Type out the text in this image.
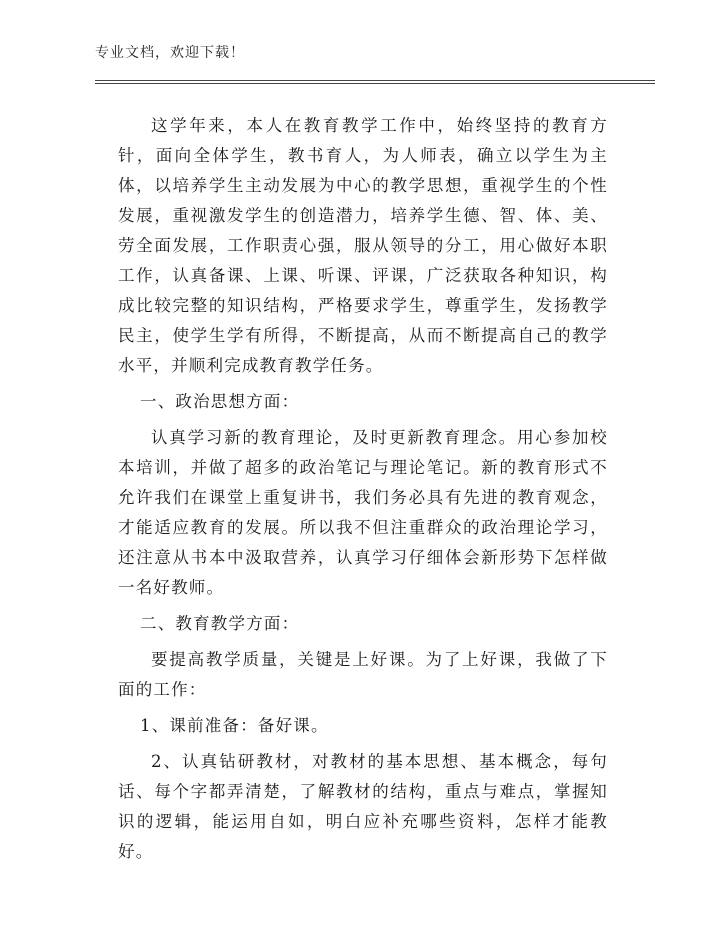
专业文档，欢迎下载！

这学年来，本人在教育教学工作中，始终坚持的教育方针，面向全体学生，教书育人，为人师表，确立以学生为主体，以培养学生主动发展为中心的教学思想，重视学生的个性发展，重视激发学生的创造潜力，培养学生德、智、体、美、劳全面发展，工作职责心强，服从领导的分工，用心做好本职工作，认真备课、上课、听课、评课，广泛获取各种知识，构成比较完整的知识结构，严格要求学生，尊重学生，发扬教学民主，使学生学有所得，不断提高，从而不断提高自己的教学水平，并顺利完成教育教学任务。

一、政治思想方面：

认真学习新的教育理论，及时更新教育理念。用心参加校本培训，并做了超多的政治笔记与理论笔记。新的教育形式不允许我们在课堂上重复讲书，我们务必具有先进的教育观念，才能适应教育的发展。所以我不但注重群众的政治理论学习，还注意从书本中汲取营养，认真学习仔细体会新形势下怎样做一名好教师。

二、教育教学方面：

要提高教学质量，关键是上好课。为了上好课，我做了下面的工作：

1、课前准备：备好课。

2、认真钻研教材，对教材的基本思想、基本概念，每句话、每个字都弄清楚，了解教材的结构，重点与难点，掌握知识的逻辑，能运用自如，明白应补充哪些资料，怎样才能教好。
